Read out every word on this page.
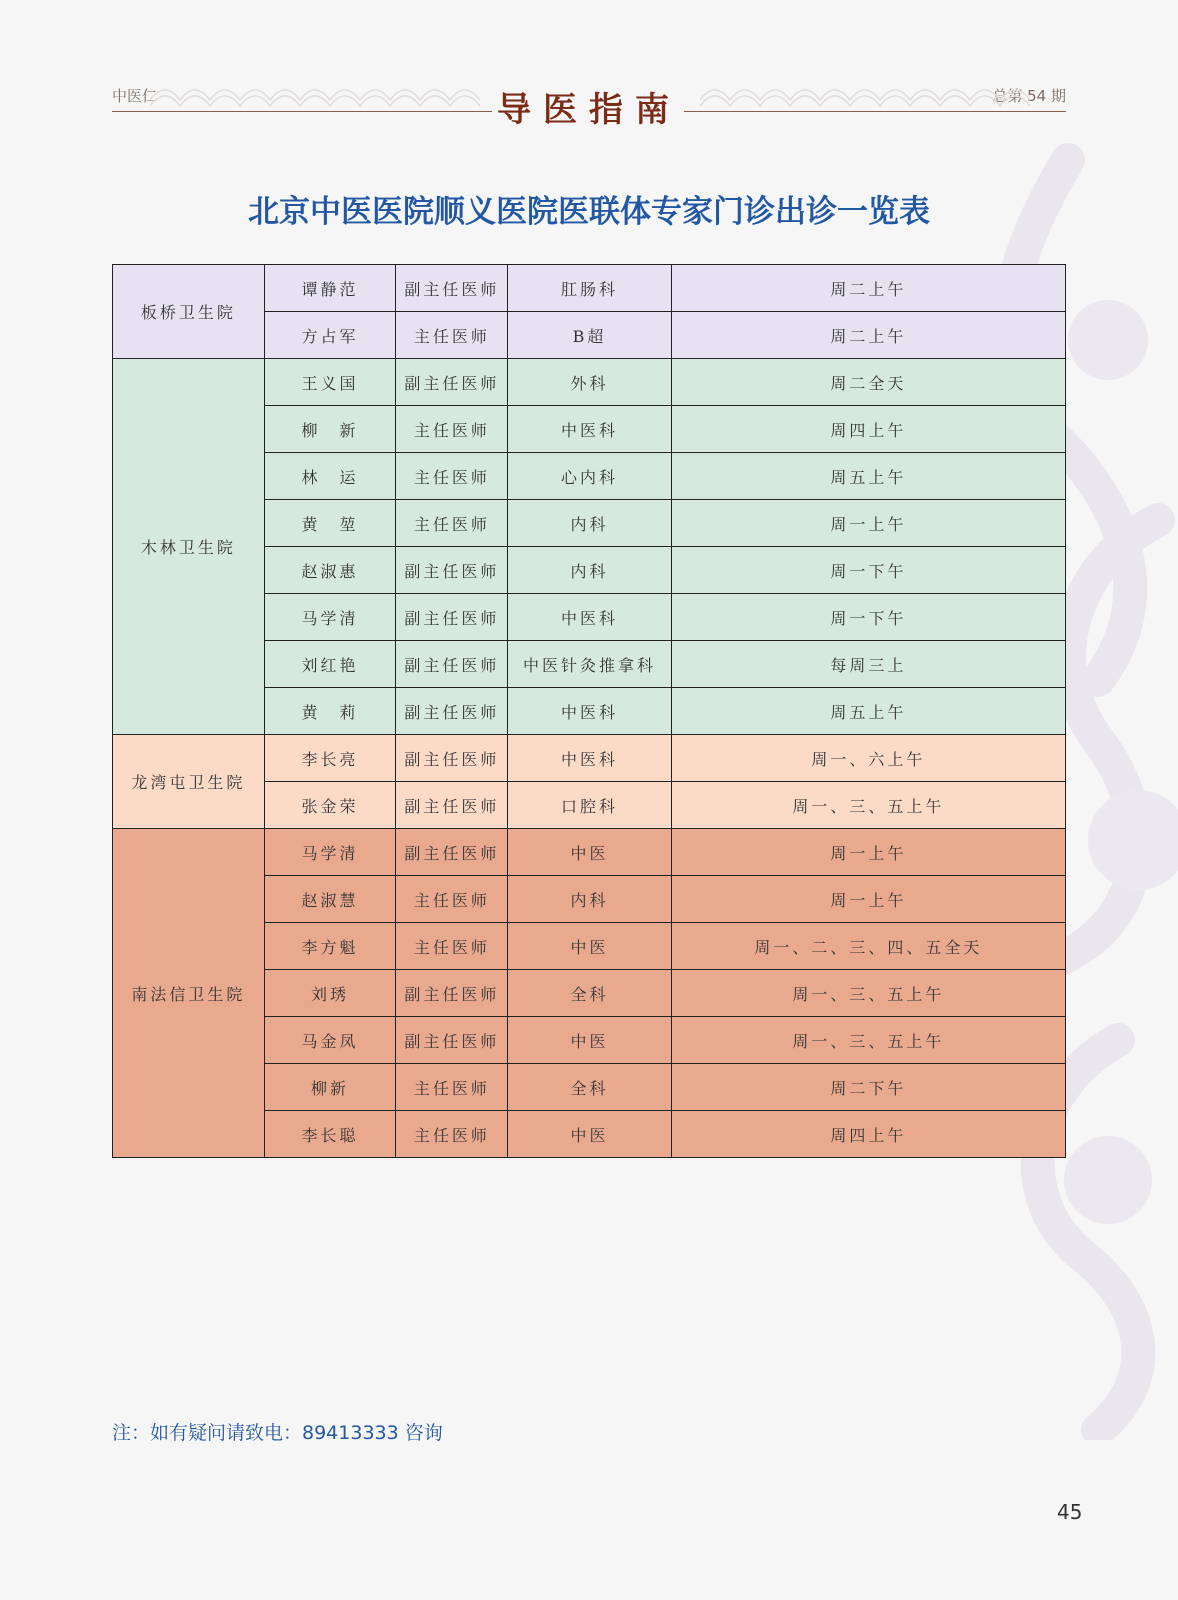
中医仁	总第 54 期
导医指南
北京中医医院顺义医院医联体专家门诊出诊一览表
板桥卫生院	谭静范	副主任医师	肛肠科	周二上午
	方占军	主任医师	B超	周二上午
木林卫生院	王义国	副主任医师	外科	周二全天
	柳　新	主任医师	中医科	周四上午
	林　运	主任医师	心内科	周五上午
	黄　堃	主任医师	内科	周一上午
	赵淑惠	副主任医师	内科	周一下午
	马学清	副主任医师	中医科	周一下午
	刘红艳	副主任医师	中医针灸推拿科	每周三上
	黄　莉	副主任医师	中医科	周五上午
龙湾屯卫生院	李长亮	副主任医师	中医科	周一、六上午
	张金荣	副主任医师	口腔科	周一、三、五上午
南法信卫生院	马学清	副主任医师	中医	周一上午
	赵淑慧	主任医师	内科	周一上午
	李方魁	主任医师	中医	周一、二、三、四、五全天
	刘琇	副主任医师	全科	周一、三、五上午
	马金凤	副主任医师	中医	周一、三、五上午
	柳新	主任医师	全科	周二下午
	李长聪	主任医师	中医	周四上午
注：如有疑问请致电：89413333 咨询
45
